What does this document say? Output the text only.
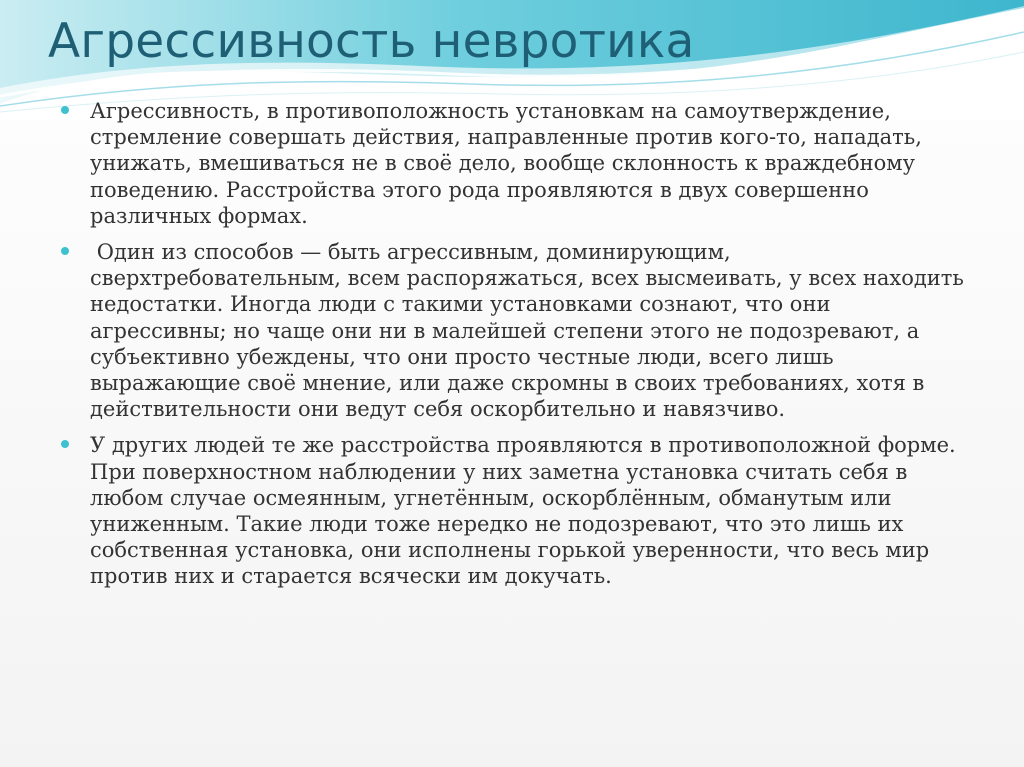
Агрессивность невротика
Агрессивность, в противоположность установкам на самоутверждение, стремление совершать действия, направленные против кого-то, нападать, унижать, вмешиваться не в своё дело, вообще склонность к враждебному поведению. Расстройства этого рода проявляются в двух совершенно различных формах.
Один из способов — быть агрессивным, доминирующим, сверхтребовательным, всем распоряжаться, всех высмеивать, у всех находить недостатки. Иногда люди с такими установками сознают, что они агрессивны; но чаще они ни в малейшей степени этого не подозревают, а субъективно убеждены, что они просто честные люди, всего лишь выражающие своё мнение, или даже скромны в своих требованиях, хотя в действительности они ведут себя оскорбительно и навязчиво.
У других людей те же расстройства проявляются в противоположной форме. При поверхностном наблюдении у них заметна установка считать себя в любом случае осмеянным, угнетённым, оскорблённым, обманутым или униженным. Такие люди тоже нередко не подозревают, что это лишь их собственная установка, они исполнены горькой уверенности, что весь мир против них и старается всячески им докучать.
